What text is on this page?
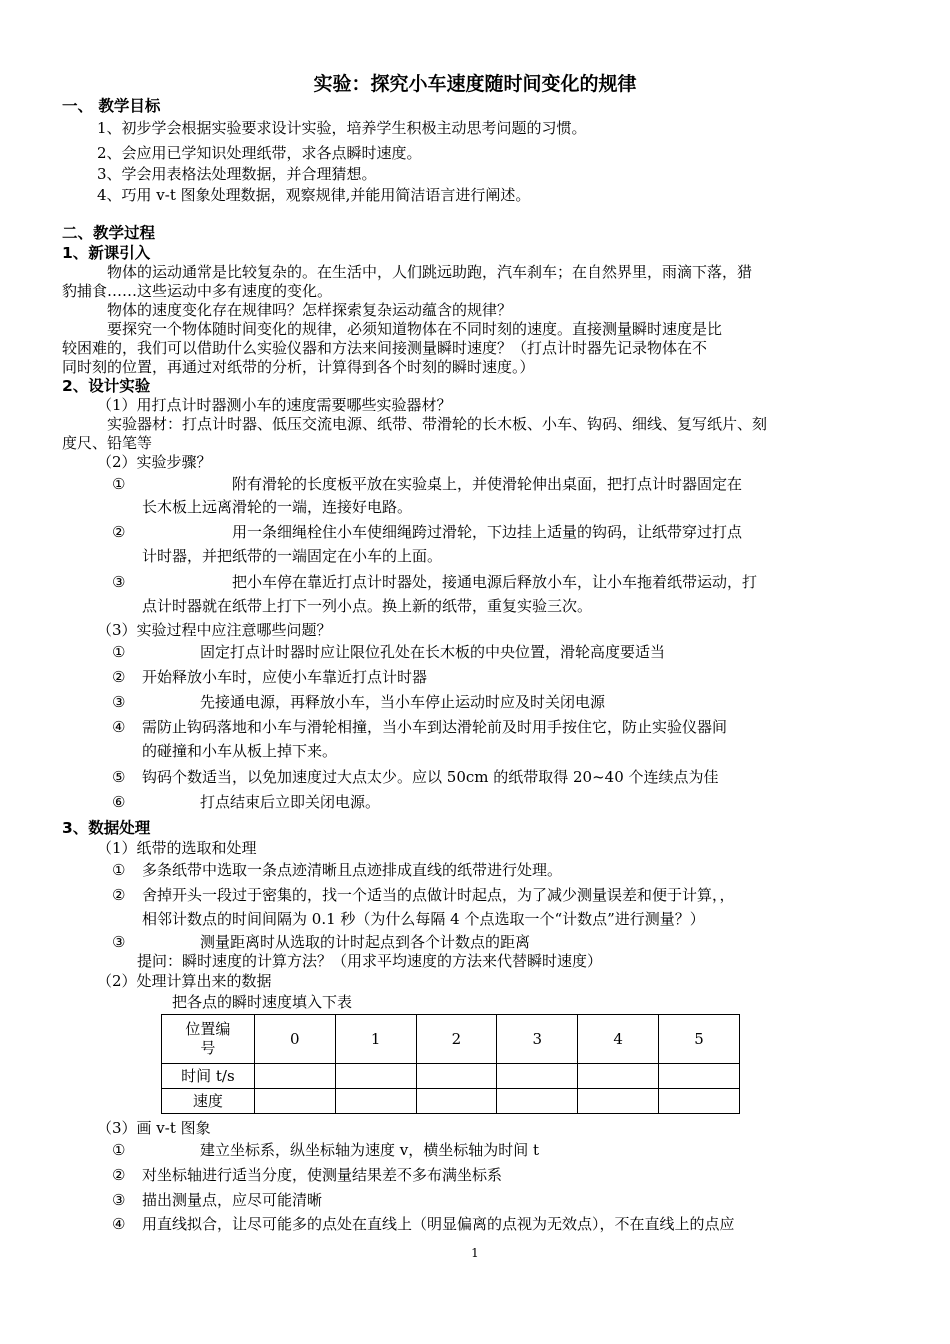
实验：探究小车速度随时间变化的规律
一、 教学目标
1、初步学会根据实验要求设计实验，培养学生积极主动思考问题的习惯。
2、会应用已学知识处理纸带，求各点瞬时速度。
3、学会用表格法处理数据，并合理猜想。
4、巧用 v-t 图象处理数据，观察规律,并能用简洁语言进行阐述。
二、教学过程
1、新课引入
物体的运动通常是比较复杂的。在生活中，人们跳远助跑，汽车刹车；在自然界里，雨滴下落，猎
豹捕食……这些运动中多有速度的变化。
物体的速度变化存在规律吗？怎样探索复杂运动蕴含的规律？
要探究一个物体随时间变化的规律，必须知道物体在不同时刻的速度。直接测量瞬时速度是比
较困难的，我们可以借助什么实验仪器和方法来间接测量瞬时速度？（打点计时器先记录物体在不
同时刻的位置，再通过对纸带的分析，计算得到各个时刻的瞬时速度。）
2、设计实验
（1）用打点计时器测小车的速度需要哪些实验器材？
实验器材：打点计时器、低压交流电源、纸带、带滑轮的长木板、小车、钩码、细线、复写纸片、刻
度尺、铅笔等
（2）实验步骤？
①	附有滑轮的长度板平放在实验桌上，并使滑轮伸出桌面，把打点计时器固定在
长木板上远离滑轮的一端，连接好电路。
②	用一条细绳栓住小车使细绳跨过滑轮，下边挂上适量的钩码，让纸带穿过打点
计时器，并把纸带的一端固定在小车的上面。
③	把小车停在靠近打点计时器处，接通电源后释放小车，让小车拖着纸带运动，打
点计时器就在纸带上打下一列小点。换上新的纸带，重复实验三次。
（3）实验过程中应注意哪些问题？
①	固定打点计时器时应让限位孔处在长木板的中央位置，滑轮高度要适当
② 开始释放小车时，应使小车靠近打点计时器
③	先接通电源，再释放小车，当小车停止运动时应及时关闭电源
④ 需防止钩码落地和小车与滑轮相撞，当小车到达滑轮前及时用手按住它，防止实验仪器间
的碰撞和小车从板上掉下来。
⑤ 钩码个数适当，以免加速度过大点太少。应以 50cm 的纸带取得 20~40 个连续点为佳
⑥	打点结束后立即关闭电源。
3、数据处理
（1）纸带的选取和处理
① 多条纸带中选取一条点迹清晰且点迹排成直线的纸带进行处理。
② 舍掉开头一段过于密集的，找一个适当的点做计时起点，为了减少测量误差和便于计算，，
相邻计数点的时间间隔为 0.1 秒（为什么每隔 4 个点选取一个“计数点”进行测量？）
③	测量距离时从选取的计时起点到各个计数点的距离
提问：瞬时速度的计算方法？（用求平均速度的方法来代替瞬时速度）
（2）处理计算出来的数据
把各点的瞬时速度填入下表
位置编
号	0	1	2	3	4	5
时间 t/s						
速度						
（3）画 v-t 图象
①	建立坐标系，纵坐标轴为速度 v，横坐标轴为时间 t
② 对坐标轴进行适当分度，使测量结果差不多布满坐标系
③ 描出测量点，应尽可能清晰
④ 用直线拟合，让尽可能多的点处在直线上（明显偏离的点视为无效点），不在直线上的点应
1
